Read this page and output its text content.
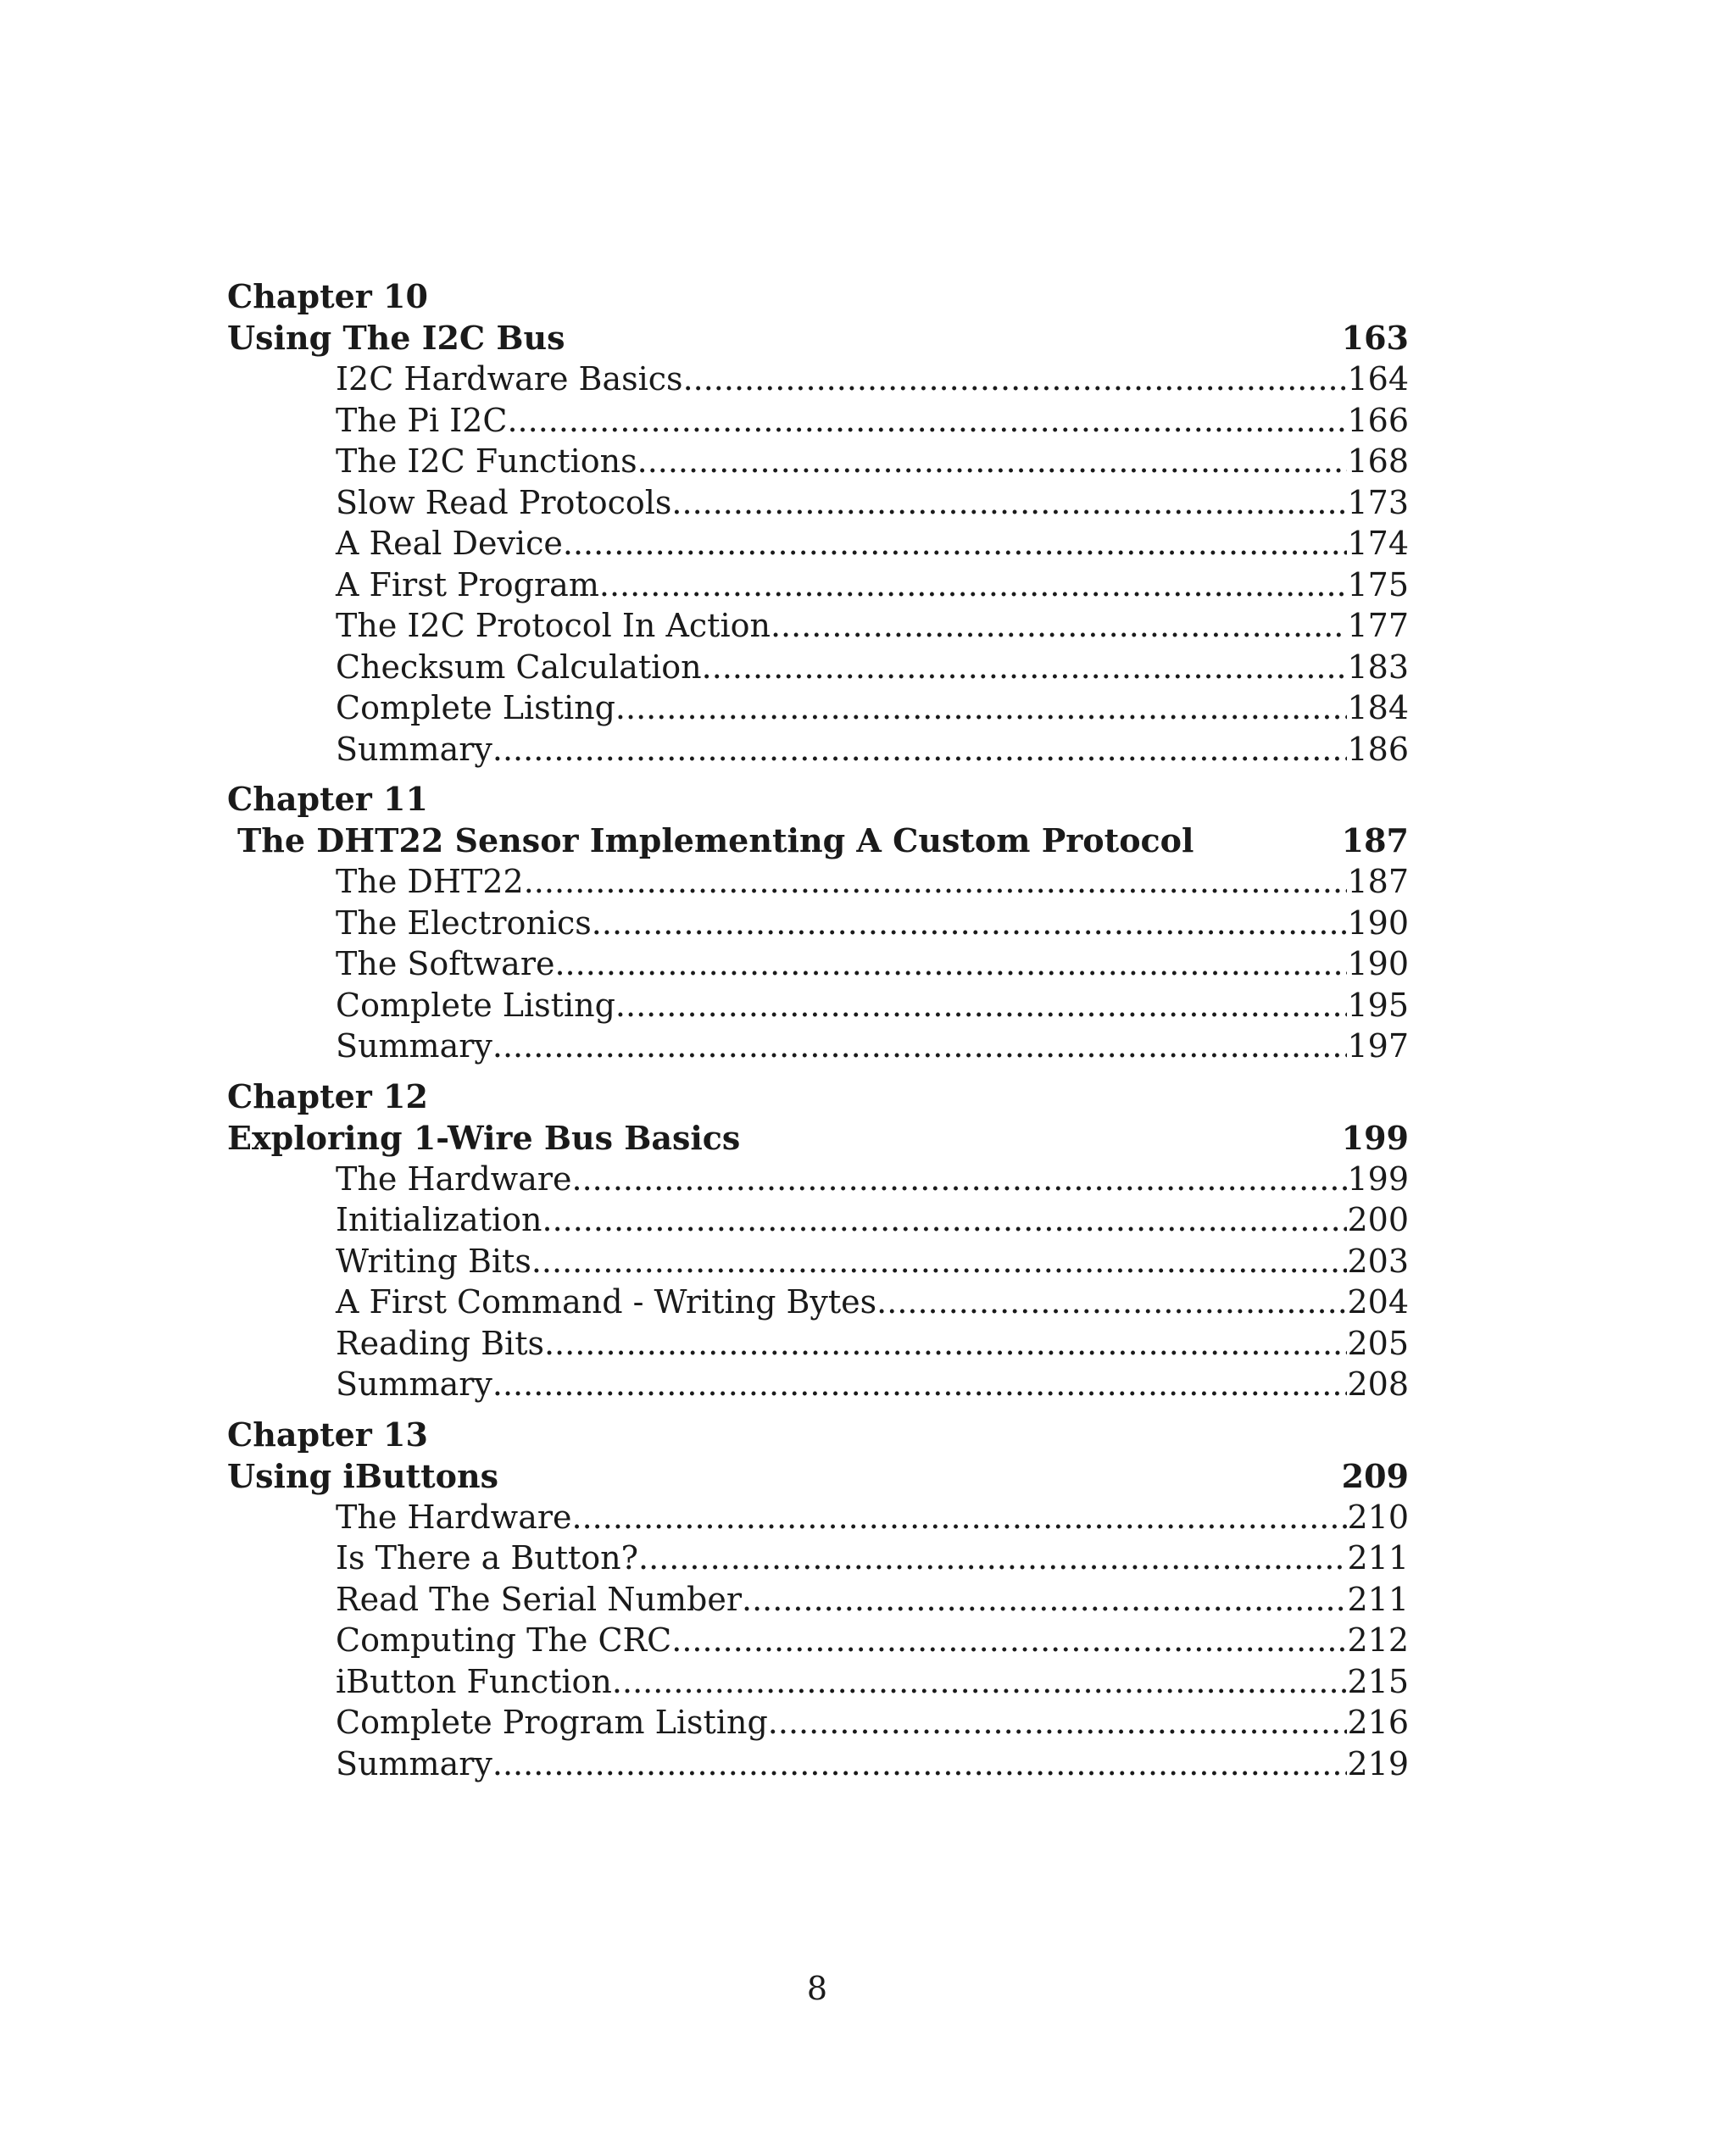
Chapter 10
Using The I2C Bus	163
I2C Hardware Basics .....	164
The Pi I2C .....	166
The I2C Functions .....	168
Slow Read Protocols .....	173
A Real Device .....	174
A First Program .....	175
The I2C Protocol In Action .....	177
Checksum Calculation .....	183
Complete Listing .....	184
Summary .....	186
Chapter 11
The DHT22 Sensor Implementing A Custom Protocol	187
The DHT22 .....	187
The Electronics .....	190
The Software .....	190
Complete Listing .....	195
Summary .....	197
Chapter 12
Exploring 1-Wire Bus Basics	199
The Hardware .....	199
Initialization .....	200
Writing Bits .....	203
A First Command - Writing Bytes .....	204
Reading Bits .....	205
Summary .....	208
Chapter 13
Using iButtons	209
The Hardware .....	210
Is There a Button? .....	211
Read The Serial Number .....	211
Computing The CRC .....	212
iButton Function .....	215
Complete Program Listing .....	216
Summary .....	219
8
